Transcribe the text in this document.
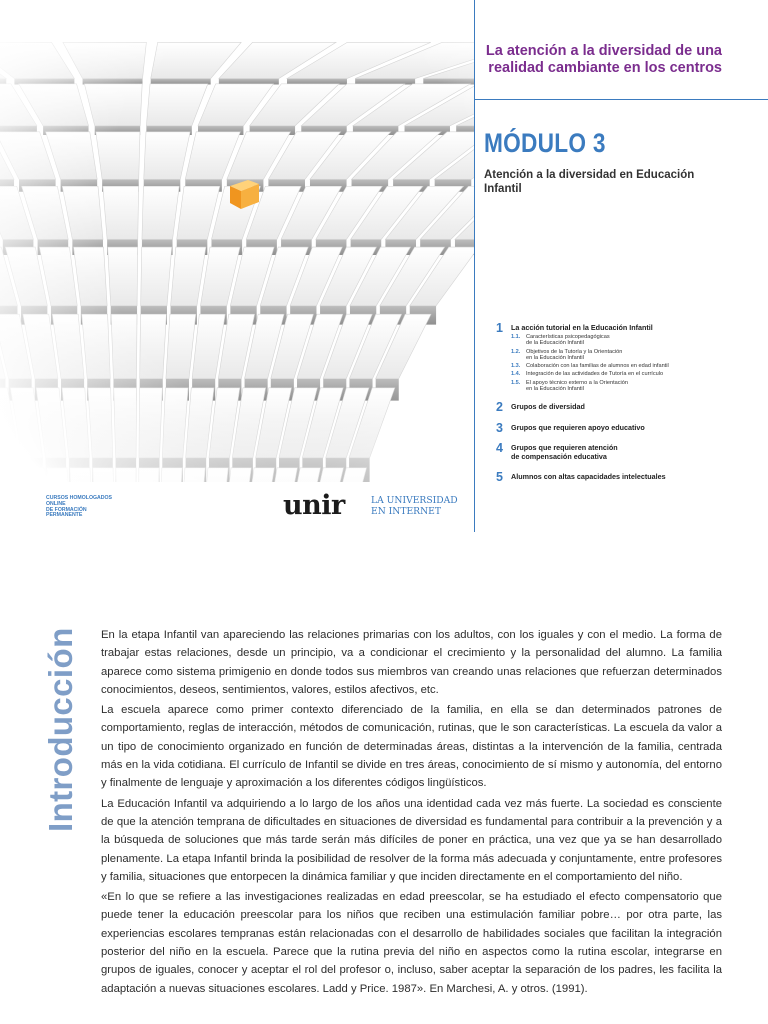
La atención a la diversidad de una realidad cambiante en los centros
MÓDULO 3
Atención a la diversidad en Educación Infantil
1 La acción tutorial en la Educación Infantil
1.1. Características psicopedagógicas
de la Educación Infantil
1.2. Objetivos de la Tutoría y la Orientación
en la Educación Infantil
1.3. Colaboración con las familias de alumnos en edad infantil
1.4. Integración de las actividades de Tutoría en el currículo
1.5. El apoyo técnico externo a la Orientación
en la Educación Infantil
2 Grupos de diversidad
3 Grupos que requieren apoyo educativo
4 Grupos que requieren atención
de compensación educativa
5 Alumnos con altas capacidades intelectuales
CURSOS HOMOLOGADOS
ONLINE
DE FORMACIÓN
PERMANENTE	unir	LA UNIVERSIDAD
EN INTERNET
Introducción En la etapa Infantil van apareciendo las relaciones primarias con los adultos, con los iguales y con el medio. La forma de trabajar estas relaciones, desde un principio, va a condicionar el crecimiento y la personalidad del alumno. La familia aparece como sistema primigenio en donde todos sus miembros van creando unas relaciones que refuerzan determinados conocimientos, deseos, sentimientos, valores, estilos afectivos, etc.

La escuela aparece como primer contexto diferenciado de la familia, en ella se dan determinados patrones de comportamiento, reglas de interacción, métodos de comunicación, rutinas, que le son características. La escuela da valor a un tipo de conocimiento organizado en función de determinadas áreas, distintas a la intervención de la familia, centrada más en la vida cotidiana. El currículo de Infantil se divide en tres áreas, conocimiento de sí mismo y autonomía, del entorno y finalmente de lenguaje y aproximación a los diferentes códigos lingüísticos.

La Educación Infantil va adquiriendo a lo largo de los años una identidad cada vez más fuerte. La sociedad es consciente de que la atención temprana de dificultades en situaciones de diversidad es fundamental para contribuir a la prevención y a la búsqueda de soluciones que más tarde serán más difíciles de poner en práctica, una vez que ya se han desarrollado plenamente. La etapa Infantil brinda la posibilidad de resolver de la forma más adecuada y conjuntamente, entre profesores y familia, situaciones que entorpecen la dinámica familiar y que inciden directamente en el comportamiento del niño.

«En lo que se refiere a las investigaciones realizadas en edad preescolar, se ha estudiado el efecto compensatorio que puede tener la educación preescolar para los niños que reciben una estimulación familiar pobre… por otra parte, las experiencias escolares tempranas están relacionadas con el desarrollo de habilidades sociales que facilitan la integración posterior del niño en la escuela. Parece que la rutina previa del niño en aspectos como la rutina escolar, integrarse en grupos de iguales, conocer y aceptar el rol del profesor o, incluso, saber aceptar la separación de los padres, les facilita la adaptación a nuevas situaciones escolares. Ladd y Price. 1987». En Marchesi, A. y otros. (1991).
